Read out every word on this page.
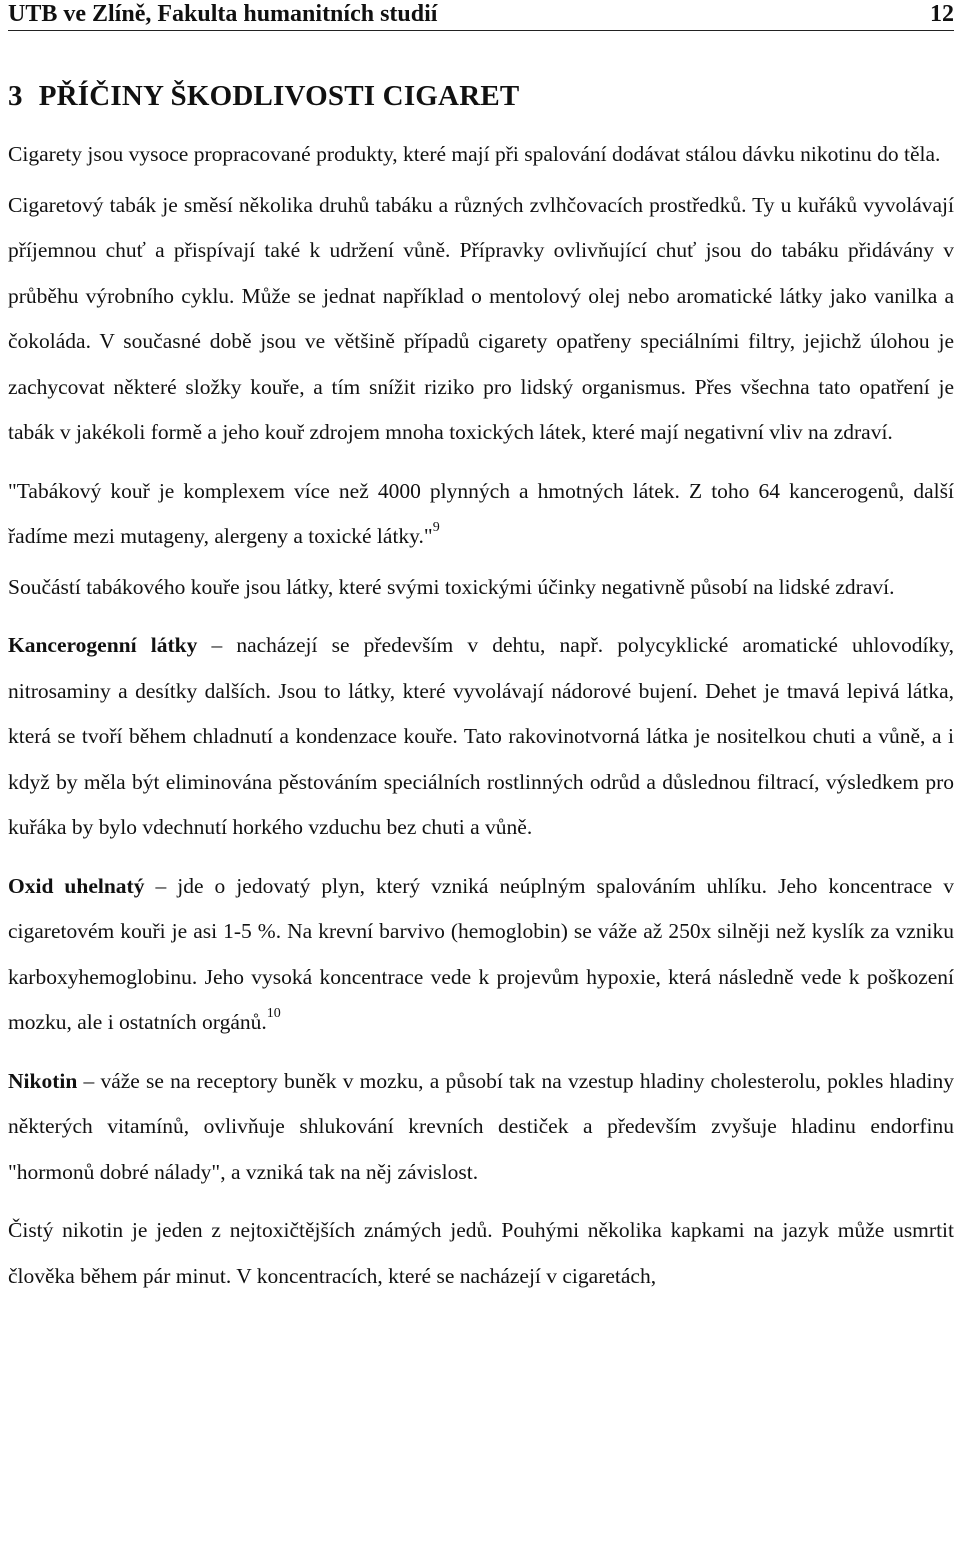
UTB ve Zlíně, Fakulta humanitních studií	12
3 PŘÍČINY ŠKODLIVOSTI CIGARET

Cigarety jsou vysoce propracované produkty, které mají při spalování dodávat stálou dávku nikotinu do těla.

Cigaretový tabák je směsí několika druhů tabáku a různých zvlhčovacích prostředků. Ty u kuřáků vyvolávají příjemnou chuť a přispívají také k udržení vůně. Přípravky ovlivňující chuť jsou do tabáku přidávány v průběhu výrobního cyklu. Může se jednat například o mentolový olej nebo aromatické látky jako vanilka a čokoláda. V současné době jsou ve většině případů cigarety opatřeny speciálními filtry, jejichž úlohou je zachycovat některé složky kouře, a tím snížit riziko pro lidský organismus. Přes všechna tato opatření je tabák v jakékoli formě a jeho kouř zdrojem mnoha toxických látek, které mají negativní vliv na zdraví.

"Tabákový kouř je komplexem více než 4000 plynných a hmotných látek. Z toho 64 kancerogenů, další řadíme mezi mutageny, alergeny a toxické látky."$^9$

Součástí tabákového kouře jsou látky, které svými toxickými účinky negativně působí na lidské zdraví.

Kancerogenní látky – nacházejí se především v dehtu, např. polycyklické aromatické uhlovodíky, nitrosaminy a desítky dalších. Jsou to látky, které vyvolávají nádorové bujení. Dehet je tmavá lepivá látka, která se tvoří během chladnutí a kondenzace kouře. Tato rakovinotvorná látka je nositelkou chuti a vůně, a i když by měla být eliminována pěstováním speciálních rostlinných odrůd a důslednou filtrací, výsledkem pro kuřáka by bylo vdechnutí horkého vzduchu bez chuti a vůně.

Oxid uhelnatý – jde o jedovatý plyn, který vzniká neúplným spalováním uhlíku. Jeho koncentrace v cigaretovém kouři je asi 1-5 %. Na krevní barvivo (hemoglobin) se váže až 250x silněji než kyslík za vzniku karboxyhemoglobinu. Jeho vysoká koncentrace vede k projevům hypoxie, která následně vede k poškození mozku, ale i ostatních orgánů.$^{10}$

Nikotin – váže se na receptory buněk v mozku, a působí tak na vzestup hladiny cholesterolu, pokles hladiny některých vitamínů, ovlivňuje shlukování krevních destiček a především zvyšuje hladinu endorfinu "hormonů dobré nálady", a vzniká tak na něj závislost.

Čistý nikotin je jeden z nejtoxičtějších známých jedů. Pouhými několika kapkami na jazyk může usmrtit člověka během pár minut. V koncentracích, které se nacházejí v cigaretách,
